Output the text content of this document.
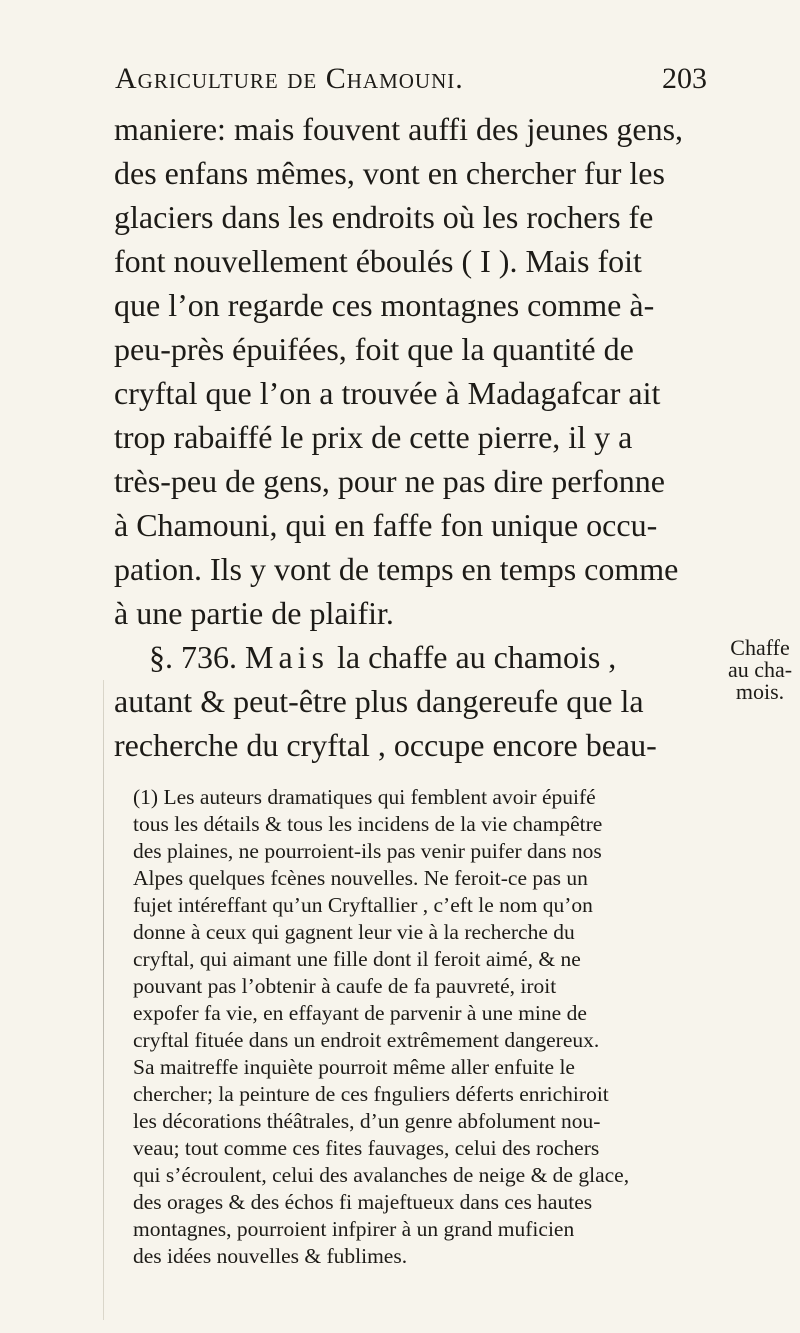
Agriculture de Chamouni.	203
maniere: mais fouvent auffi des jeunes gens,
des enfans mêmes, vont en chercher fur les
glaciers dans les endroits où les rochers fe
font nouvellement éboulés ( I ). Mais foit
que l’on regarde ces montagnes comme à-
peu-près épuifées, foit que la quantité de
cryftal que l’on a trouvée à Madagafcar ait
trop rabaiffé le prix de cette pierre, il y a
très-peu de gens, pour ne pas dire perfonne
à Chamouni, qui en faffe fon unique occu-
pation. Ils y vont de temps en temps comme
à une partie de plaifir.
§. 736. Mais la chaffe au chamois ,
autant & peut-être plus dangereufe que la
recherche du cryftal , occupe encore beau-
Chaffe
au cha-
mois.
(1) Les auteurs dramatiques qui femblent avoir épuifé
tous les détails & tous les incidens de la vie champêtre
des plaines, ne pourroient-ils pas venir puifer dans nos
Alpes quelques fcènes nouvelles. Ne feroit-ce pas un
fujet intéreffant qu’un Cryftallier , c’eft le nom qu’on
donne à ceux qui gagnent leur vie à la recherche du
cryftal, qui aimant une fille dont il feroit aimé, & ne
pouvant pas l’obtenir à caufe de fa pauvreté, iroit
expofer fa vie, en effayant de parvenir à une mine de
cryftal fituée dans un endroit extrêmement dangereux.
Sa maitreffe inquiète pourroit même aller enfuite le
chercher; la peinture de ces fnguliers déferts enrichiroit
les décorations théâtrales, d’un genre abfolument nou-
veau; tout comme ces fites fauvages, celui des rochers
qui s’écroulent, celui des avalanches de neige & de glace,
des orages & des échos fi majeftueux dans ces hautes
montagnes, pourroient infpirer à un grand muficien
des idées nouvelles & fublimes.
